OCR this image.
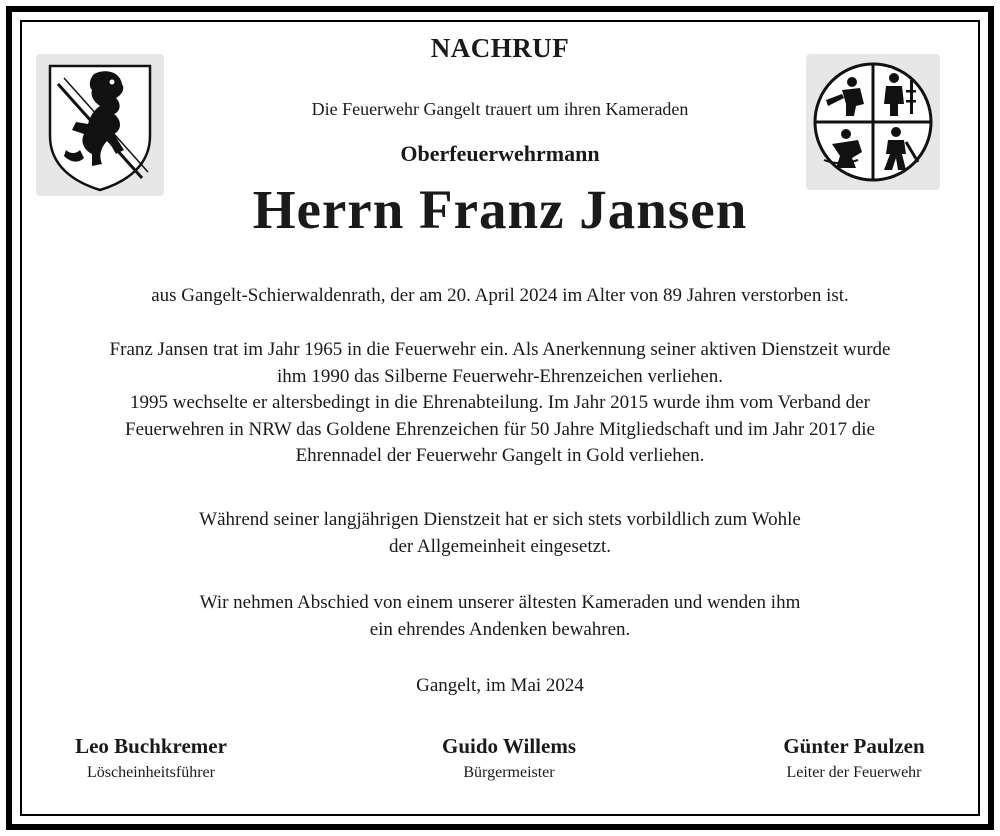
NACHRUF
Die Feuerwehr Gangelt trauert um ihren Kameraden
Oberfeuerwehrmann
Herrn Franz Jansen
aus Gangelt-Schierwaldenrath, der am 20. April 2024 im Alter von 89 Jahren verstorben ist.
Franz Jansen trat im Jahr 1965 in die Feuerwehr ein. Als Anerkennung seiner aktiven Dienstzeit wurde
ihm 1990 das Silberne Feuerwehr-Ehrenzeichen verliehen.
1995 wechselte er altersbedingt in die Ehrenabteilung. Im Jahr 2015 wurde ihm vom Verband der
Feuerwehren in NRW das Goldene Ehrenzeichen für 50 Jahre Mitgliedschaft und im Jahr 2017 die
Ehrennadel der Feuerwehr Gangelt in Gold verliehen.
Während seiner langjährigen Dienstzeit hat er sich stets vorbildlich zum Wohle
der Allgemeinheit eingesetzt.
Wir nehmen Abschied von einem unserer ältesten Kameraden und wenden ihm
ein ehrendes Andenken bewahren.
Gangelt, im Mai 2024
Leo Buchkremer
Löscheinheitsführer
Guido Willems
Bürgermeister
Günter Paulzen
Leiter der Feuerwehr
